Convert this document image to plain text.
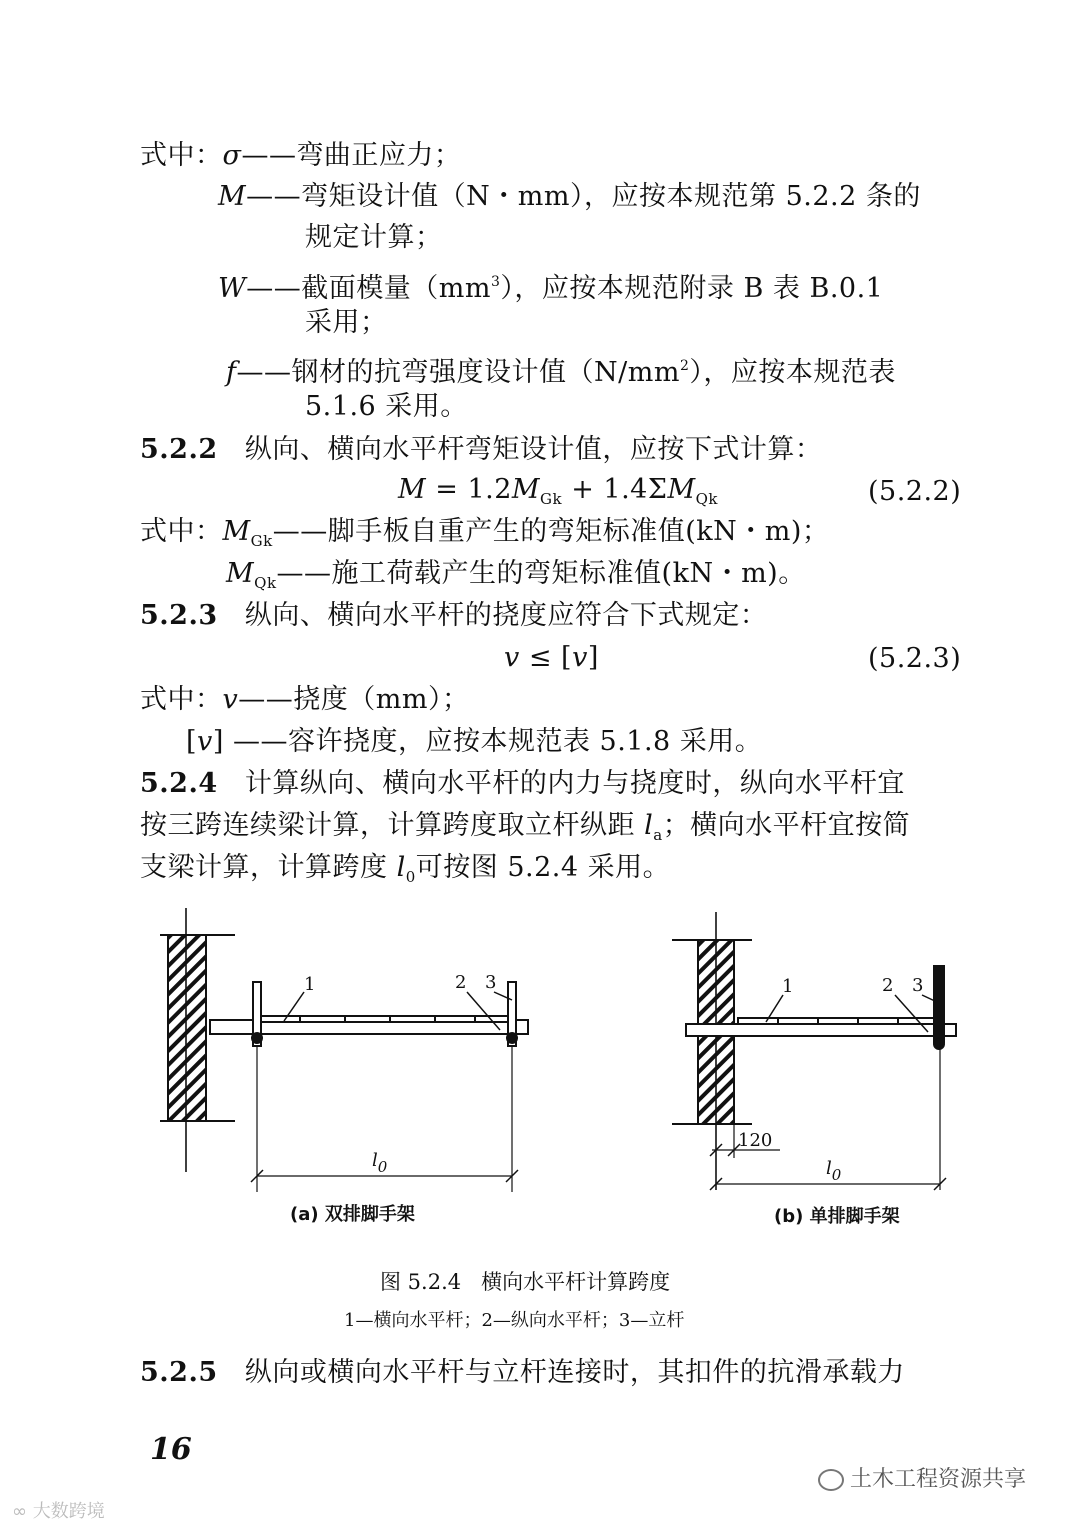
式中：σ——弯曲正应力；
M——弯矩设计值（N・mm），应按本规范第 5.2.2 条的
规定计算；
W——截面模量$(mm^3)$，应按本规范附录 B 表 B.0.1
采用；
f——钢材的抗弯强度设计值$(N/mm^2)$，应按本规范表
5.1.6 采用。
5.2.2 纵向、横向水平杆弯矩设计值，应按下式计算：
$M = 1.2M_{Gk} + 1.4\Sigma M_{Qk}$	(5.2.2)
式中：$M_{Gk}——$脚手板自重产生的弯矩标准值(kN・m)；
$M_{Qk}——$施工荷载产生的弯矩标准值(kN・m)。
5.2.3 纵向、横向水平杆的挠度应符合下式规定：
v ≤ [v]	(5.2.3)
式中：v——挠度（mm）；
[v] ——容许挠度，应按本规范表 5.1.8 采用。
5.2.4 计算纵向、横向水平杆的内力与挠度时，纵向水平杆宜
按三跨连续梁计算，计算跨度取立杆纵距 $l_a$；横向水平杆宜按简
支梁计算，计算跨度 $l_0$可按图 5.2.4 采用。
1	2 3
$l_0$
(a) 双排脚手架
1	2 3
120
$l_0$
(b) 单排脚手架
图 5.2.4 横向水平杆计算跨度
1—横向水平杆；2—纵向水平杆；3—立杆
5.2.5 纵向或横向水平杆与立杆连接时，其扣件的抗滑承载力
16
土木工程资源共享
∞ 大数跨境
